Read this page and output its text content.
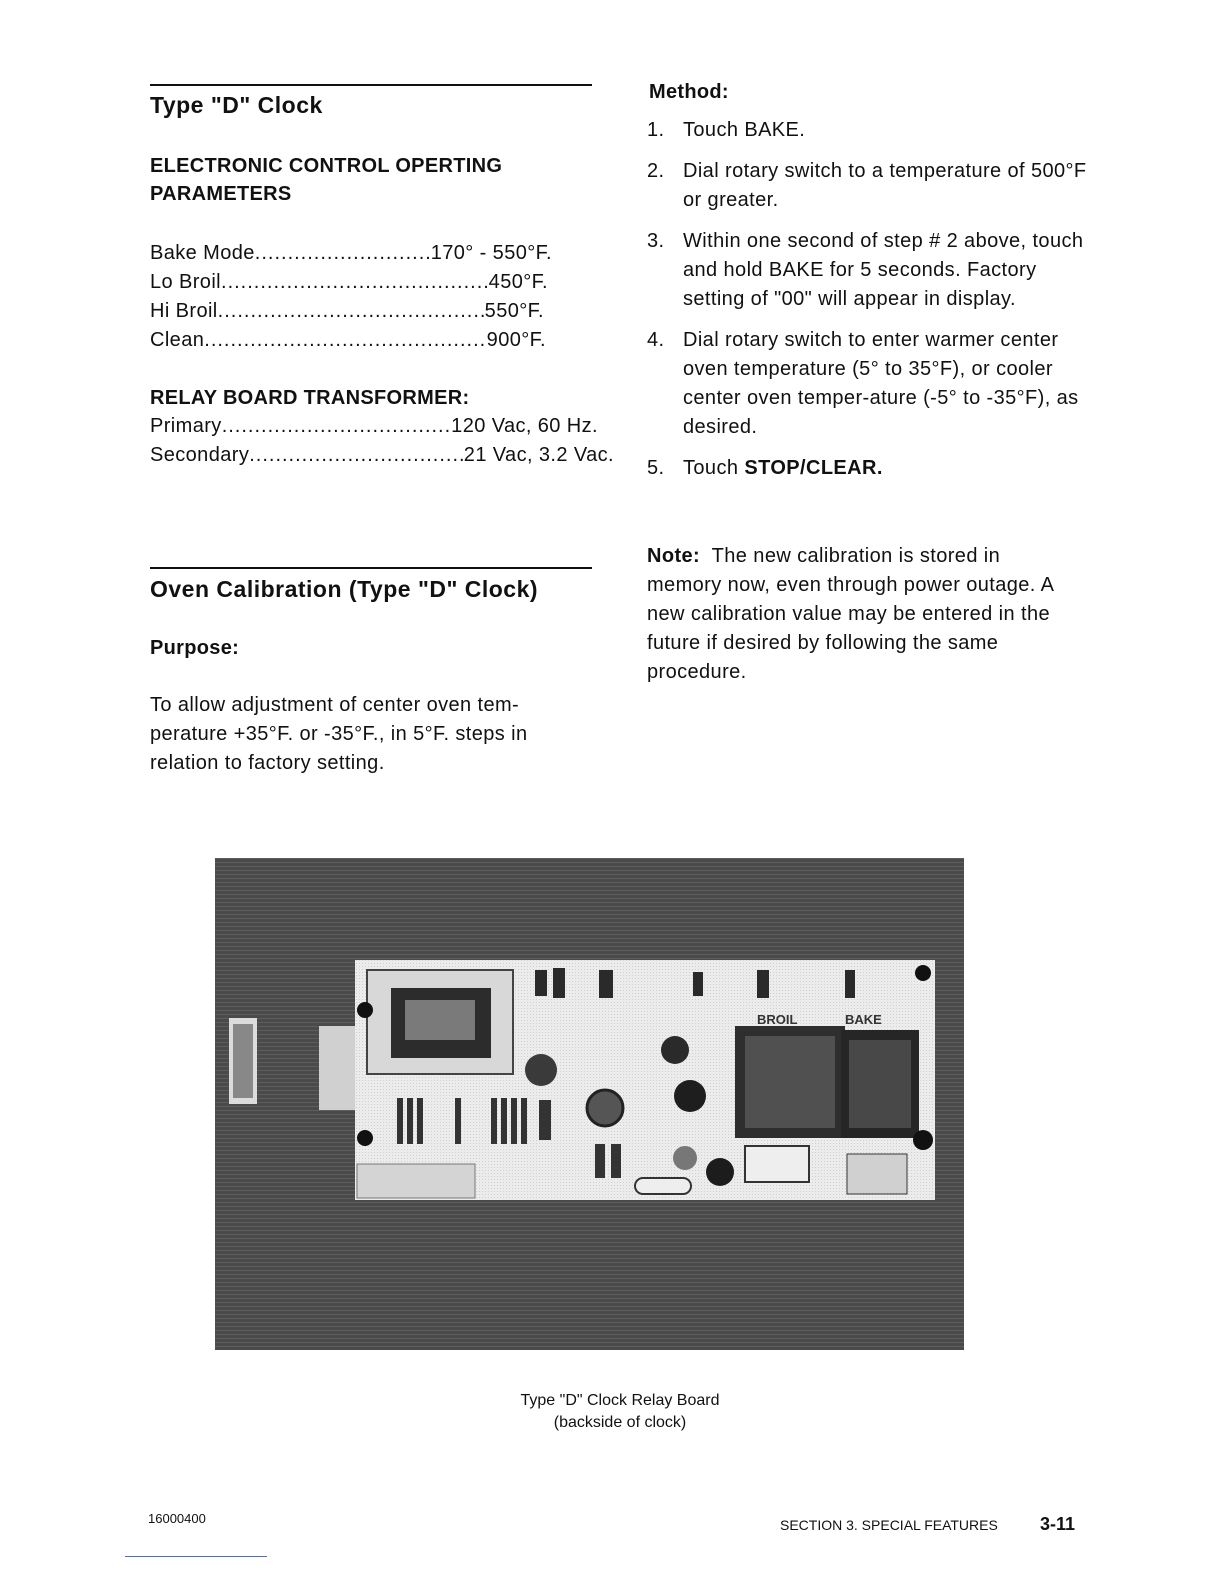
Type "D" Clock
ELECTRONIC CONTROL OPERTING PARAMETERS
Bake Mode .....	170° - 550°F.
Lo Broil .....	450°F.
Hi Broil .....	550°F.
Clean .....	900°F.
RELAY BOARD TRANSFORMER:
Primary .....	120 Vac, 60 Hz.
Secondary .....	21 Vac, 3.2 Vac.
Oven Calibration (Type "D" Clock)
Purpose:
To allow adjustment of center oven tem-perature +35°F. or -35°F., in 5°F. steps in relation to factory setting.
Method:
1. Touch BAKE.
2. Dial rotary switch to a temperature of 500°F or greater.
3. Within one second of step # 2 above, touch and hold BAKE for 5 seconds. Factory setting of "00" will appear in display.
4. Dial rotary switch to enter warmer center oven temperature (5° to 35°F), or cooler center oven temper-ature (-5° to -35°F), as desired.
5. Touch STOP/CLEAR.
Note: The new calibration is stored in memory now, even through power outage. A new calibration value may be entered in the future if desired by following the same procedure.
BROIL	BAKE
Type "D" Clock Relay Board
(backside of clock)
16000400	SECTION 3. SPECIAL FEATURES 3-11
